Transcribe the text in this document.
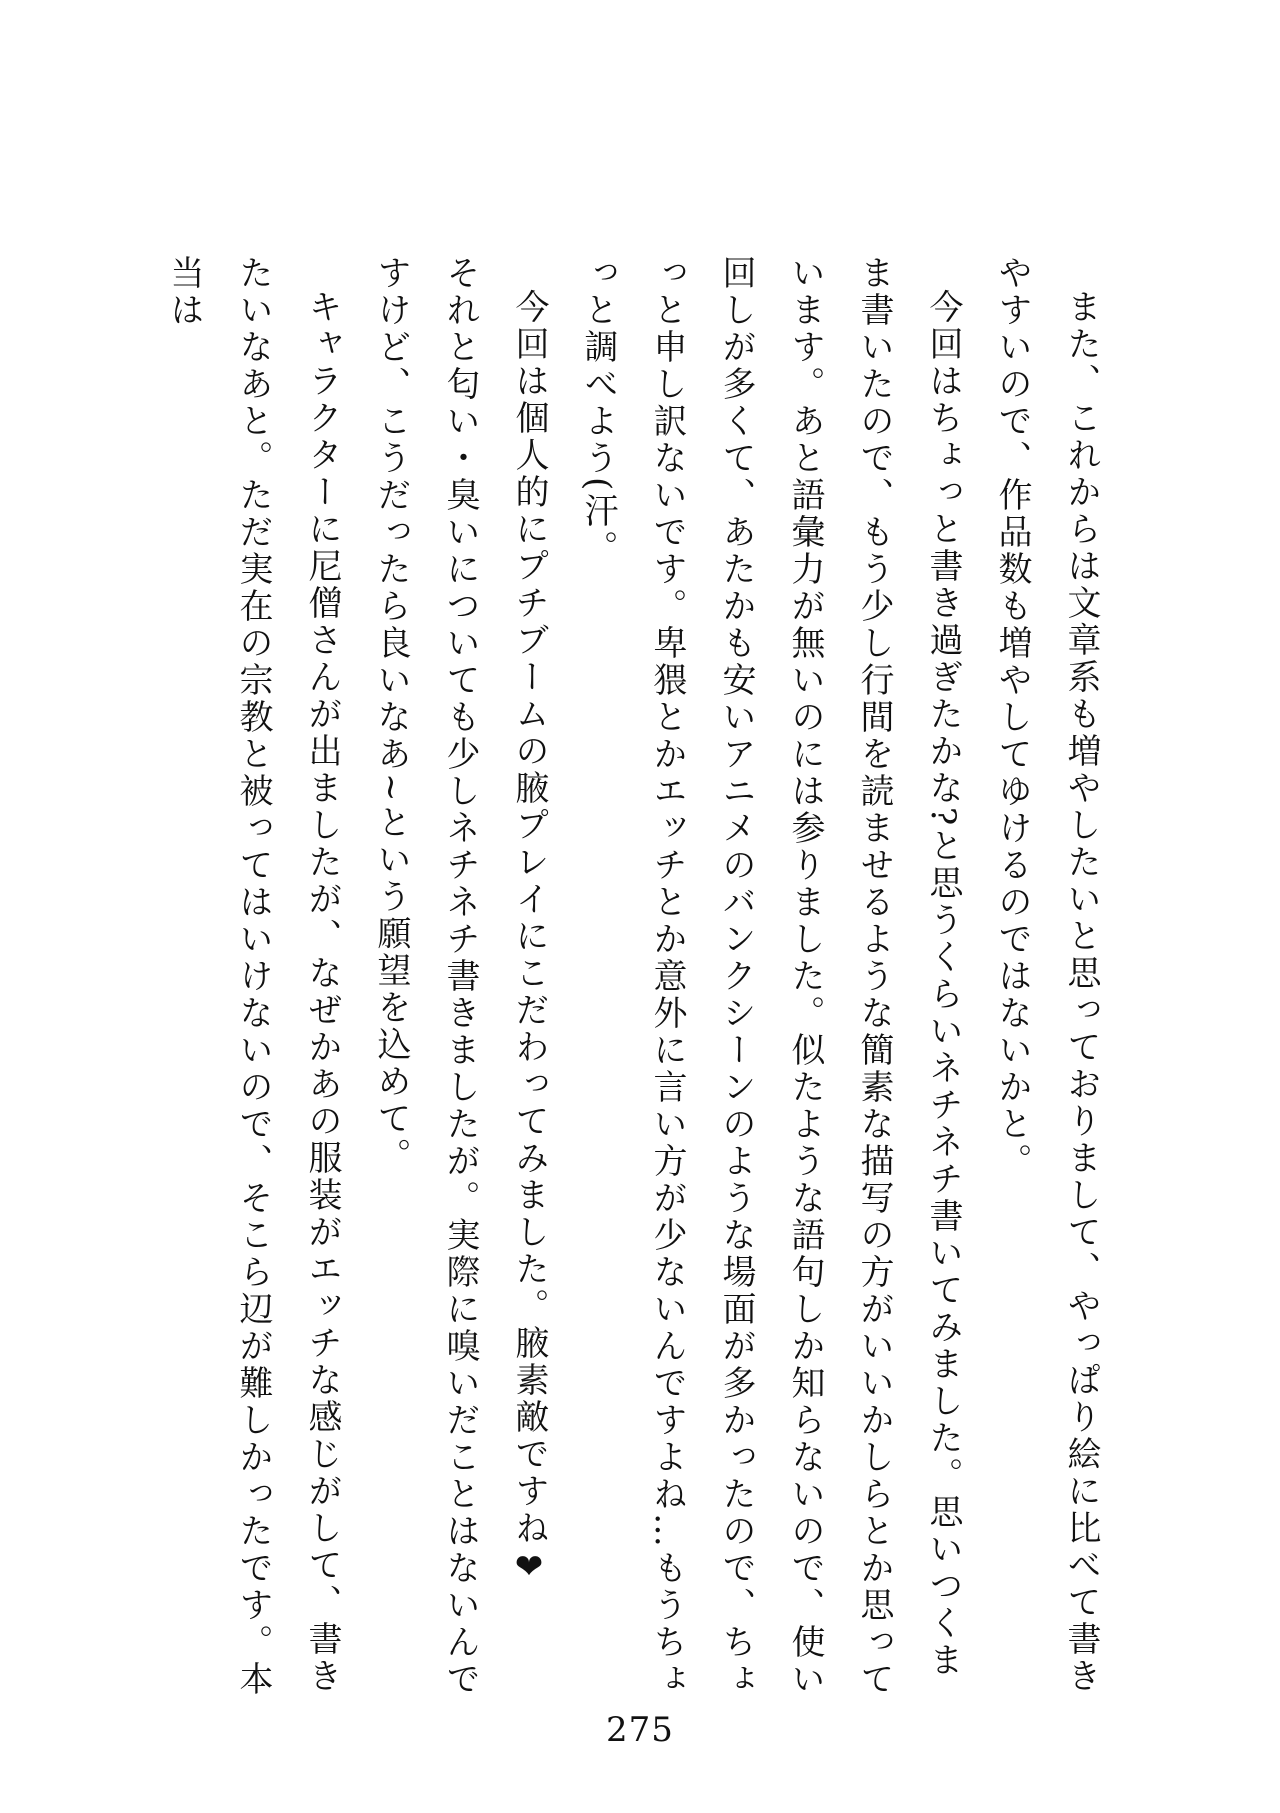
また、これからは文章系も増やしたいと思っておりまして、やっぱり絵に比べて書きやすいので、作品数も増やしてゆけるのではないかと。

今回はちょっと書き過ぎたかな?と思うくらいネチネチ書いてみました。思いつくまま書いたので、もう少し行間を読ませるような簡素な描写の方がいいかしらとか思っています。あと語彙力が無いのには参りました。似たような語句しか知らないので、使い回しが多くて、あたかも安いアニメのバンクシーンのような場面が多かったので、ちょっと申し訳ないです。卑猥とかエッチとか意外に言い方が少ないんですよね…もうちょっと調べよう(汗。

今回は個人的にプチブームの腋プレイにこだわってみました。腋素敵ですね❤

それと匂い・臭いについても少しネチネチ書きましたが。実際に嗅いだことはないんですけど、こうだったら良いなあ~という願望を込めて。

キャラクターに尼僧さんが出ましたが、なぜかあの服装がエッチな感じがして、書きたいなあと。ただ実在の宗教と被ってはいけないので、そこら辺が難しかったです。本当は

275
